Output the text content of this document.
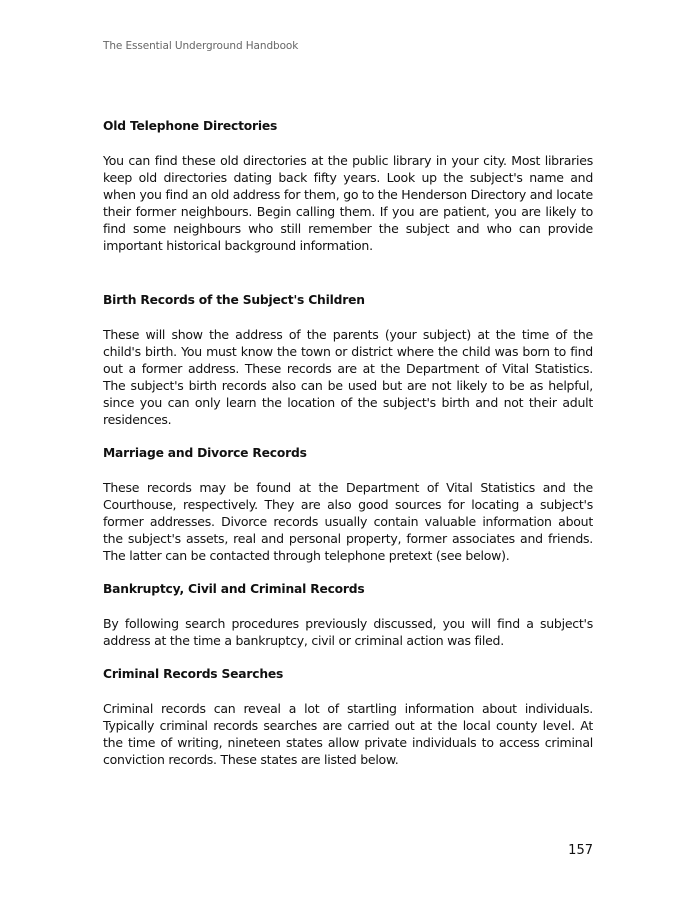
The Essential Underground Handbook

Old Telephone Directories

You can find these old directories at the public library in your city. Most libraries keep old directories dating back fifty years. Look up the subject's name and when you find an old address for them, go to the Henderson Directory and locate their former neighbours. Begin calling them. If you are patient, you are likely to find some neighbours who still remember the subject and who can provide important historical background information.

Birth Records of the Subject's Children

These will show the address of the parents (your subject) at the time of the child's birth. You must know the town or district where the child was born to find out a former address. These records are at the Department of Vital Statistics. The subject's birth records also can be used but are not likely to be as helpful, since you can only learn the location of the subject's birth and not their adult residences.

Marriage and Divorce Records

These records may be found at the Department of Vital Statistics and the Courthouse, respectively. They are also good sources for locating a subject's former addresses. Divorce records usually contain valuable information about the subject's assets, real and personal property, former associates and friends. The latter can be contacted through telephone pretext (see below).

Bankruptcy, Civil and Criminal Records

By following search procedures previously discussed, you will find a subject's address at the time a bankruptcy, civil or criminal action was filed.

Criminal Records Searches

Criminal records can reveal a lot of startling information about individuals. Typically criminal records searches are carried out at the local county level. At the time of writing, nineteen states allow private individuals to access criminal conviction records. These states are listed below.

157
